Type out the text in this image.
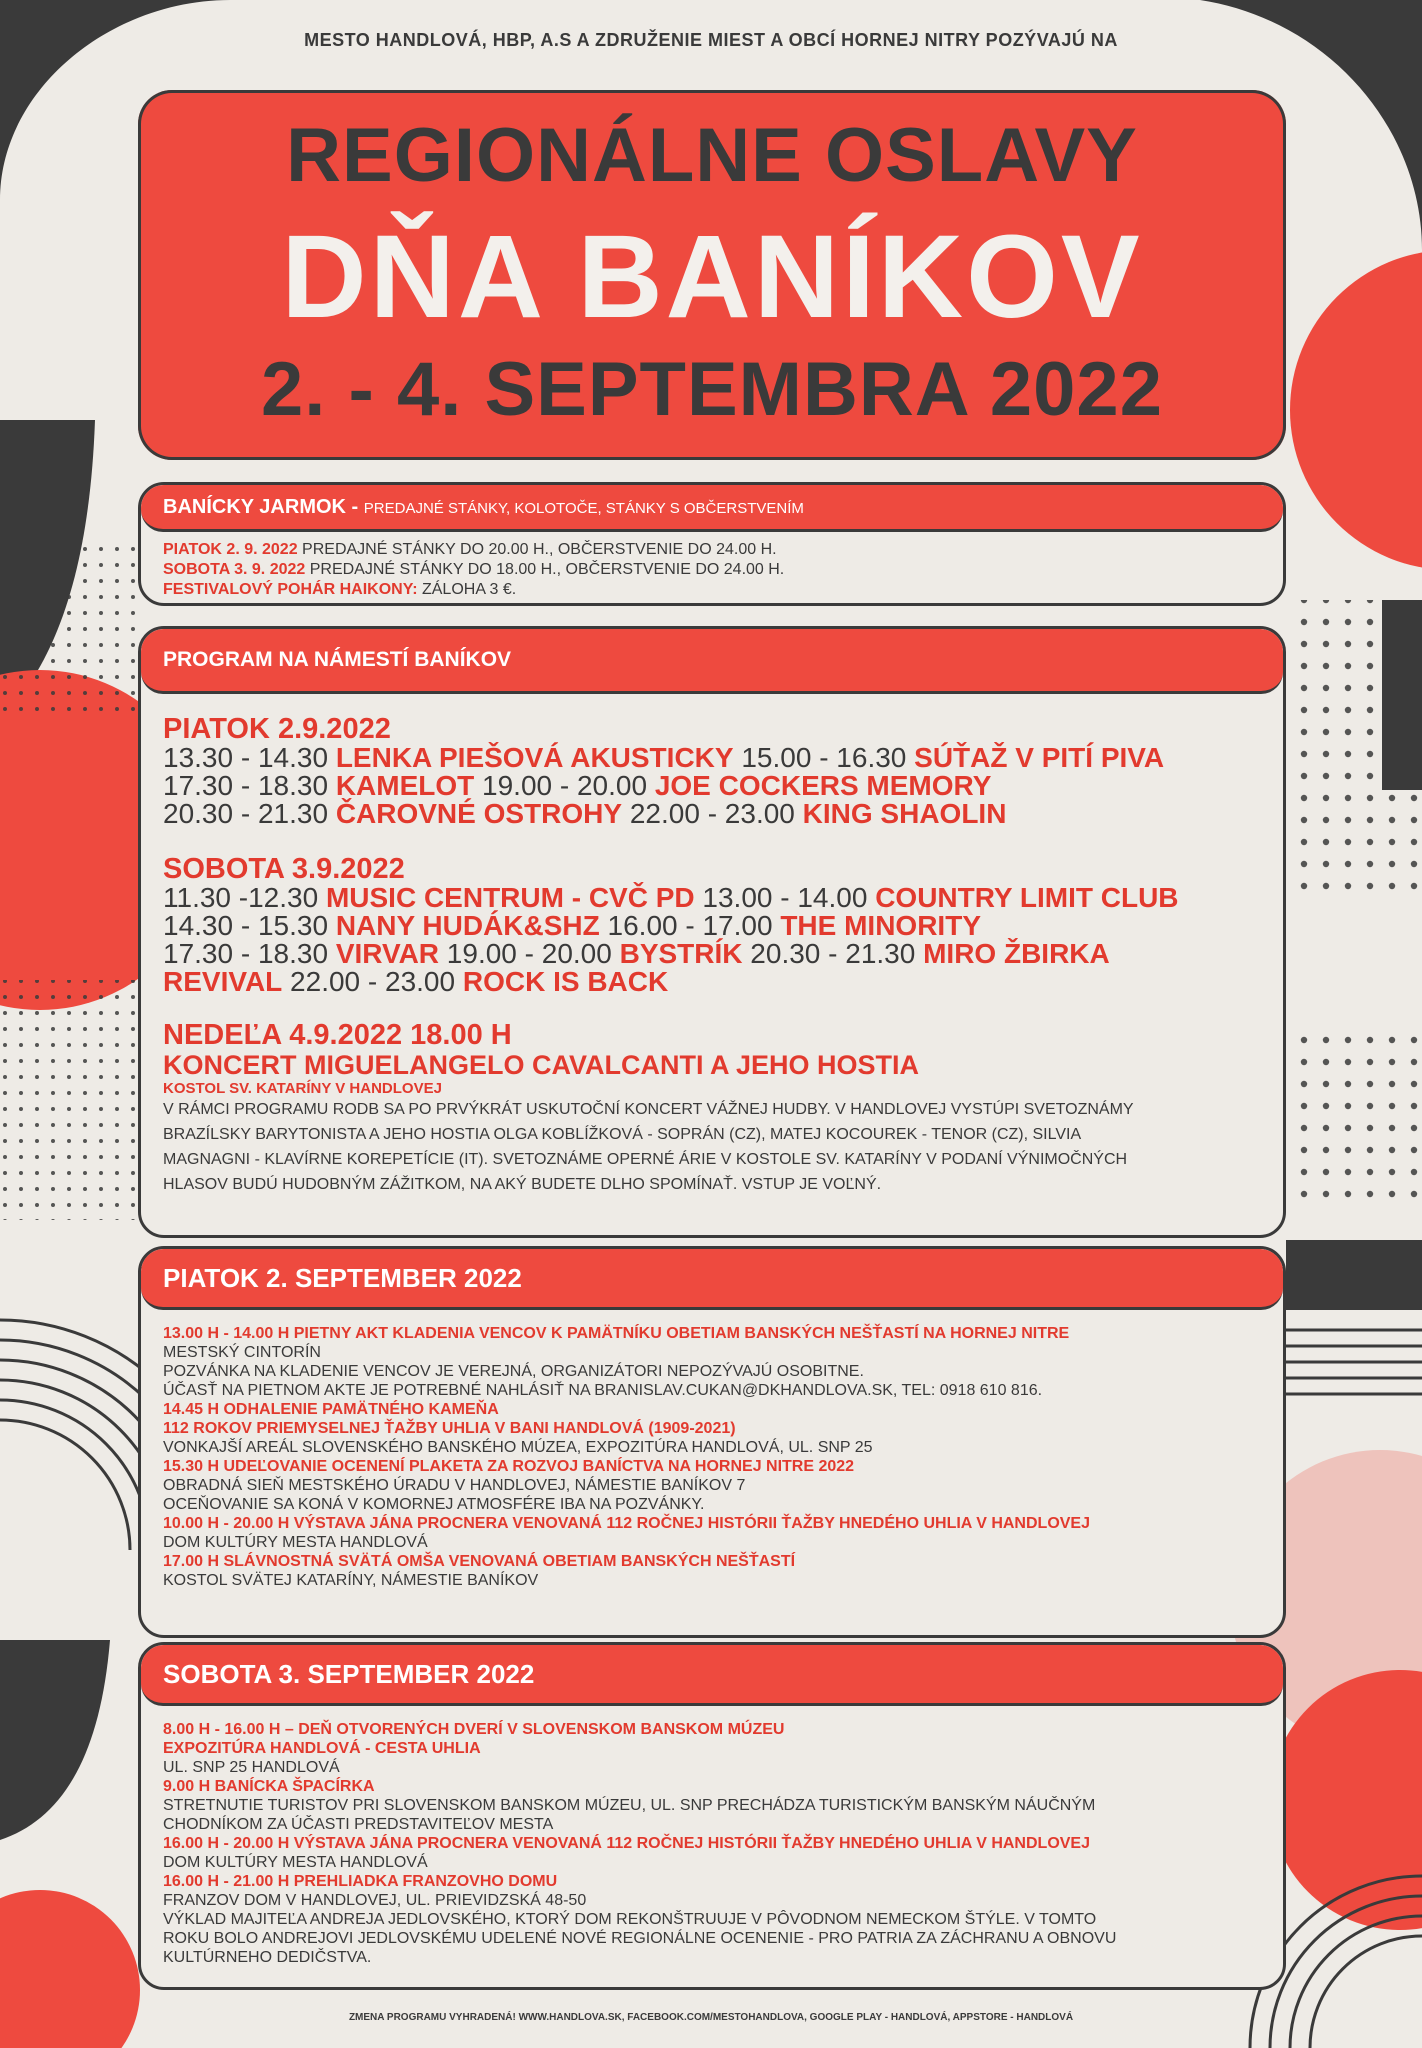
MESTO HANDLOVÁ, HBP, A.S A ZDRUŽENIE MIEST A OBCÍ HORNEJ NITRY POZÝVAJÚ NA
REGIONÁLNE OSLAVY
DŇA BANÍKOV
2. - 4. SEPTEMBRA 2022
BANÍCKY JARMOK - PREDAJNÉ STÁNKY, KOLOTOČE, STÁNKY S OBČERSTVENÍM
PIATOK 2. 9. 2022 PREDAJNÉ STÁNKY DO 20.00 H., OBČERSTVENIE DO 24.00 H.
SOBOTA 3. 9. 2022 PREDAJNÉ STÁNKY DO 18.00 H., OBČERSTVENIE DO 24.00 H.
FESTIVALOVÝ POHÁR HAIKONY: ZÁLOHA 3 €.
PROGRAM NA NÁMESTÍ BANÍKOV
PIATOK 2.9.2022
13.30 - 14.30 LENKA PIEŠOVÁ AKUSTICKY 15.00 - 16.30 SÚŤAŽ V PITÍ PIVA
17.30 - 18.30 KAMELOT 19.00 - 20.00 JOE COCKERS MEMORY
20.30 - 21.30 ČAROVNÉ OSTROHY 22.00 - 23.00 KING SHAOLIN
SOBOTA 3.9.2022
11.30 -12.30 MUSIC CENTRUM - CVČ PD 13.00 - 14.00 COUNTRY LIMIT CLUB
14.30 - 15.30 NANY HUDÁK&SHZ 16.00 - 17.00 THE MINORITY
17.30 - 18.30 VIRVAR 19.00 - 20.00 BYSTRÍK 20.30 - 21.30 MIRO ŽBIRKA
REVIVAL 22.00 - 23.00 ROCK IS BACK
NEDEĽA 4.9.2022 18.00 H
KONCERT MIGUELANGELO CAVALCANTI A JEHO HOSTIA
KOSTOL SV. KATARÍNY V HANDLOVEJ
V RÁMCI PROGRAMU RODB SA PO PRVÝKRÁT USKUTOČNÍ KONCERT VÁŽNEJ HUDBY. V HANDLOVEJ VYSTÚPI SVETOZNÁMY
BRAZÍLSKY BARYTONISTA A JEHO HOSTIA OLGA KOBLÍŽKOVÁ - SOPRÁN (CZ), MATEJ KOCOUREK - TENOR (CZ), SILVIA
MAGNAGNI - KLAVÍRNE KOREPETÍCIE (IT). SVETOZNÁME OPERNÉ ÁRIE V KOSTOLE SV. KATARÍNY V PODANÍ VÝNIMOČNÝCH
HLASOV BUDÚ HUDOBNÝM ZÁŽITKOM, NA AKÝ BUDETE DLHO SPOMÍNAŤ. VSTUP JE VOĽNÝ.
PIATOK 2. SEPTEMBER 2022
13.00 H - 14.00 H PIETNY AKT KLADENIA VENCOV K PAMÄTNÍKU OBETIAM BANSKÝCH NEŠŤASTÍ NA HORNEJ NITRE
MESTSKÝ CINTORÍN
POZVÁNKA NA KLADENIE VENCOV JE VEREJNÁ, ORGANIZÁTORI NEPOZÝVAJÚ OSOBITNE.
ÚČASŤ NA PIETNOM AKTE JE POTREBNÉ NAHLÁSIŤ NA BRANISLAV.CUKAN@DKHANDLOVA.SK, TEL: 0918 610 816.
14.45 H ODHALENIE PAMÄTNÉHO KAMEŇA
112 ROKOV PRIEMYSELNEJ ŤAŽBY UHLIA V BANI HANDLOVÁ (1909-2021)
VONKAJŠÍ AREÁL SLOVENSKÉHO BANSKÉHO MÚZEA, EXPOZITÚRA HANDLOVÁ, UL. SNP 25
15.30 H UDEĽOVANIE OCENENÍ PLAKETA ZA ROZVOJ BANÍCTVA NA HORNEJ NITRE 2022
OBRADNÁ SIEŇ MESTSKÉHO ÚRADU V HANDLOVEJ, NÁMESTIE BANÍKOV 7
OCEŇOVANIE SA KONÁ V KOMORNEJ ATMOSFÉRE IBA NA POZVÁNKY.
10.00 H - 20.00 H VÝSTAVA JÁNA PROCNERA VENOVANÁ 112 ROČNEJ HISTÓRII ŤAŽBY HNEDÉHO UHLIA V HANDLOVEJ
DOM KULTÚRY MESTA HANDLOVÁ
17.00 H SLÁVNOSTNÁ SVÄTÁ OMŠA VENOVANÁ OBETIAM BANSKÝCH NEŠŤASTÍ
KOSTOL SVÄTEJ KATARÍNY, NÁMESTIE BANÍKOV
SOBOTA 3. SEPTEMBER 2022
8.00 H - 16.00 H – DEŇ OTVORENÝCH DVERÍ V SLOVENSKOM BANSKOM MÚZEU
EXPOZITÚRA HANDLOVÁ - CESTA UHLIA
UL. SNP 25 HANDLOVÁ
9.00 H BANÍCKA ŠPACÍRKA
STRETNUTIE TURISTOV PRI SLOVENSKOM BANSKOM MÚZEU, UL. SNP PRECHÁDZA TURISTICKÝM BANSKÝM NÁUČNÝM
CHODNÍKOM ZA ÚČASTI PREDSTAVITEĽOV MESTA
16.00 H - 20.00 H VÝSTAVA JÁNA PROCNERA VENOVANÁ 112 ROČNEJ HISTÓRII ŤAŽBY HNEDÉHO UHLIA V HANDLOVEJ
DOM KULTÚRY MESTA HANDLOVÁ
16.00 H - 21.00 H PREHLIADKA FRANZOVHO DOMU
FRANZOV DOM V HANDLOVEJ, UL. PRIEVIDZSKÁ 48-50
VÝKLAD MAJITEĽA ANDREJA JEDLOVSKÉHO, KTORÝ DOM REKONŠTRUUJE V PÔVODNOM NEMECKOM ŠTÝLE. V TOMTO
ROKU BOLO ANDREJOVI JEDLOVSKÉMU UDELENÉ NOVÉ REGIONÁLNE OCENENIE - PRO PATRIA ZA ZÁCHRANU A OBNOVU
KULTÚRNEHO DEDIČSTVA.
ZMENA PROGRAMU VYHRADENÁ! WWW.HANDLOVA.SK, FACEBOOK.COM/MESTOHANDLOVA, GOOGLE PLAY - HANDLOVÁ, APPSTORE - HANDLOVÁ
